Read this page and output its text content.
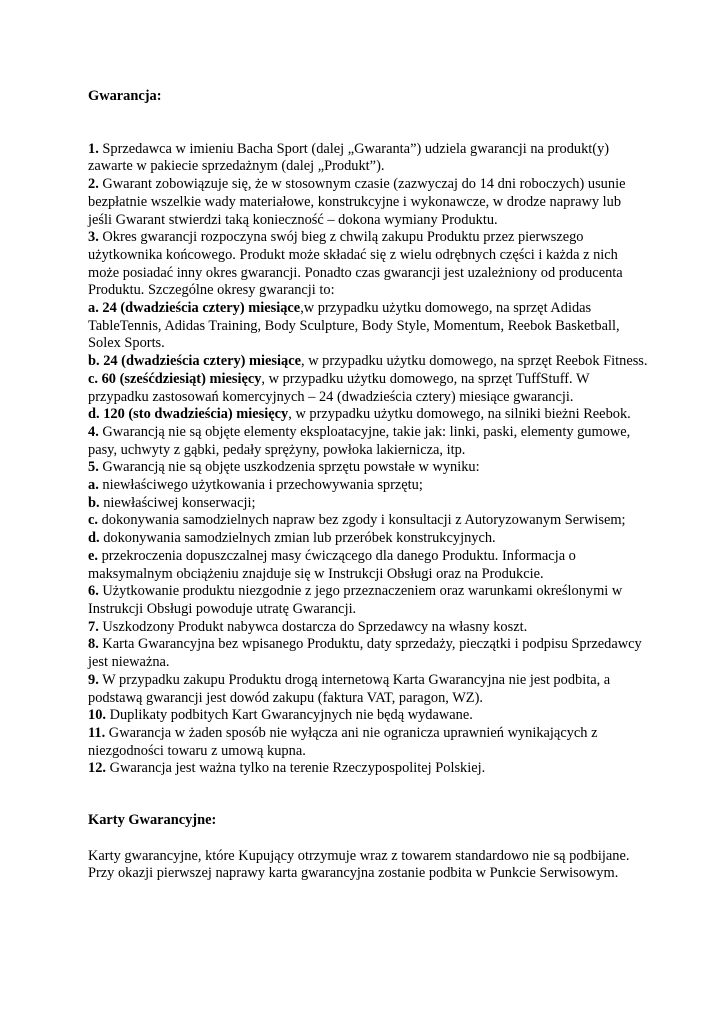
Gwarancja:

1. Sprzedawca w imieniu Bacha Sport (dalej „Gwaranta”) udziela gwarancji na produkt(y) zawarte w pakiecie sprzedażnym (dalej „Produkt”).

2. Gwarant zobowiązuje się, że w stosownym czasie (zazwyczaj do 14 dni roboczych) usunie bezpłatnie wszelkie wady materiałowe, konstrukcyjne i wykonawcze, w drodze naprawy lub jeśli Gwarant stwierdzi taką konieczność – dokona wymiany Produktu.

3. Okres gwarancji rozpoczyna swój bieg z chwilą zakupu Produktu przez pierwszego użytkownika końcowego. Produkt może składać się z wielu odrębnych części i każda z nich może posiadać inny okres gwarancji. Ponadto czas gwarancji jest uzależniony od producenta Produktu. Szczególne okresy gwarancji to:

a. 24 (dwadzieścia cztery) miesiące,w przypadku użytku domowego, na sprzęt Adidas TableTennis, Adidas Training, Body Sculpture, Body Style, Momentum, Reebok Basketball, Solex Sports.

b. 24 (dwadzieścia cztery) miesiące, w przypadku użytku domowego, na sprzęt Reebok Fitness.

c. 60 (sześćdziesiąt) miesięcy, w przypadku użytku domowego, na sprzęt TuffStuff. W przypadku zastosowań komercyjnych – 24 (dwadzieścia cztery) miesiące gwarancji.

d. 120 (sto dwadzieścia) miesięcy, w przypadku użytku domowego, na silniki bieżni Reebok.

4. Gwarancją nie są objęte elementy eksploatacyjne, takie jak: linki, paski, elementy gumowe, pasy, uchwyty z gąbki, pedały sprężyny, powłoka lakiernicza, itp.

5. Gwarancją nie są objęte uszkodzenia sprzętu powstałe w wyniku:

a. niewłaściwego użytkowania i przechowywania sprzętu;

b. niewłaściwej konserwacji;

c. dokonywania samodzielnych napraw bez zgody i konsultacji z Autoryzowanym Serwisem;

d. dokonywania samodzielnych zmian lub przeróbek konstrukcyjnych.

e. przekroczenia dopuszczalnej masy ćwiczącego dla danego Produktu. Informacja o maksymalnym obciążeniu znajduje się w Instrukcji Obsługi oraz na Produkcie.

6. Użytkowanie produktu niezgodnie z jego przeznaczeniem oraz warunkami określonymi w Instrukcji Obsługi powoduje utratę Gwarancji.

7. Uszkodzony Produkt nabywca dostarcza do Sprzedawcy na własny koszt.

8. Karta Gwarancyjna bez wpisanego Produktu, daty sprzedaży, pieczątki i podpisu Sprzedawcy jest nieważna.

9. W przypadku zakupu Produktu drogą internetową Karta Gwarancyjna nie jest podbita, a podstawą gwarancji jest dowód zakupu (faktura VAT, paragon, WZ).

10. Duplikaty podbitych Kart Gwarancyjnych nie będą wydawane.

11. Gwarancja w żaden sposób nie wyłącza ani nie ogranicza uprawnień wynikających z niezgodności towaru z umową kupna.

12. Gwarancja jest ważna tylko na terenie Rzeczypospolitej Polskiej.

Karty Gwarancyjne:

Karty gwarancyjne, które Kupujący otrzymuje wraz z towarem standardowo nie są podbijane. Przy okazji pierwszej naprawy karta gwarancyjna zostanie podbita w Punkcie Serwisowym.
